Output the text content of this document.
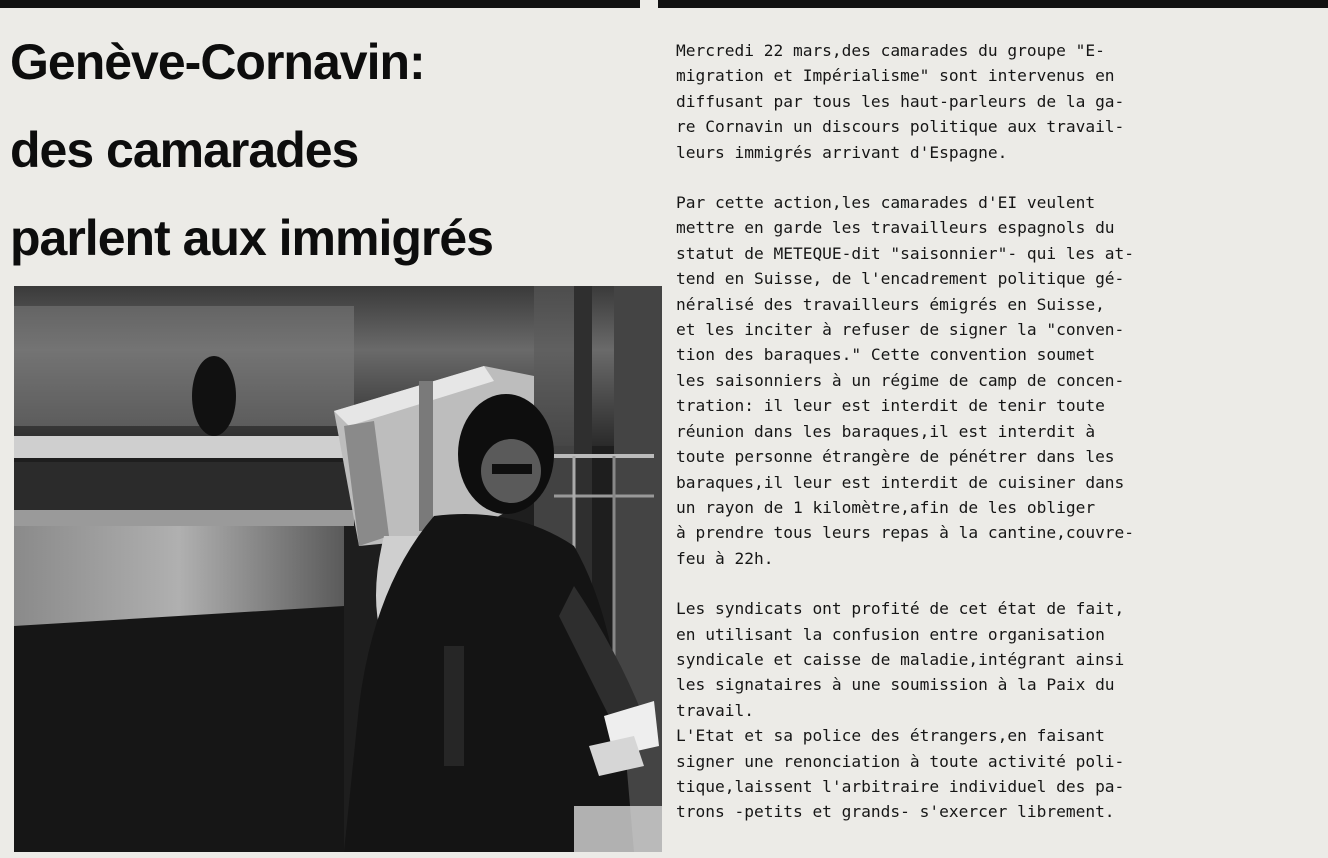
Genève-Cornavin:
des camarades
parlent aux immigrés

Mercredi 22 mars,des camarades du groupe "E-
migration et Impérialisme" sont intervenus en
diffusant par tous les haut-parleurs de la ga-
re Cornavin un discours politique aux travail-
leurs immigrés arrivant d'Espagne.

Par cette action,les camarades d'EI veulent
mettre en garde les travailleurs espagnols du
statut de METEQUE-dit "saisonnier"- qui les at-
tend en Suisse, de l'encadrement politique gé-
néralisé des travailleurs émigrés en Suisse,
et les inciter à refuser de signer la "conven-
tion des baraques." Cette convention soumet
les saisonniers à un régime de camp de concen-
tration: il leur est interdit de tenir toute
réunion dans les baraques,il est interdit à
toute personne étrangère de pénétrer dans les
baraques,il leur est interdit de cuisiner dans
un rayon de 1 kilomètre,afin de les obliger
à prendre tous leurs repas à la cantine,couvre-
feu à 22h.

Les syndicats ont profité de cet état de fait,
en utilisant la confusion entre organisation
syndicale et caisse de maladie,intégrant ainsi
les signataires à une soumission à la Paix du
travail.
L'Etat et sa police des étrangers,en faisant
signer une renonciation à toute activité poli-
tique,laissent l'arbitraire individuel des pa-
trons -petits et grands- s'exercer librement.
